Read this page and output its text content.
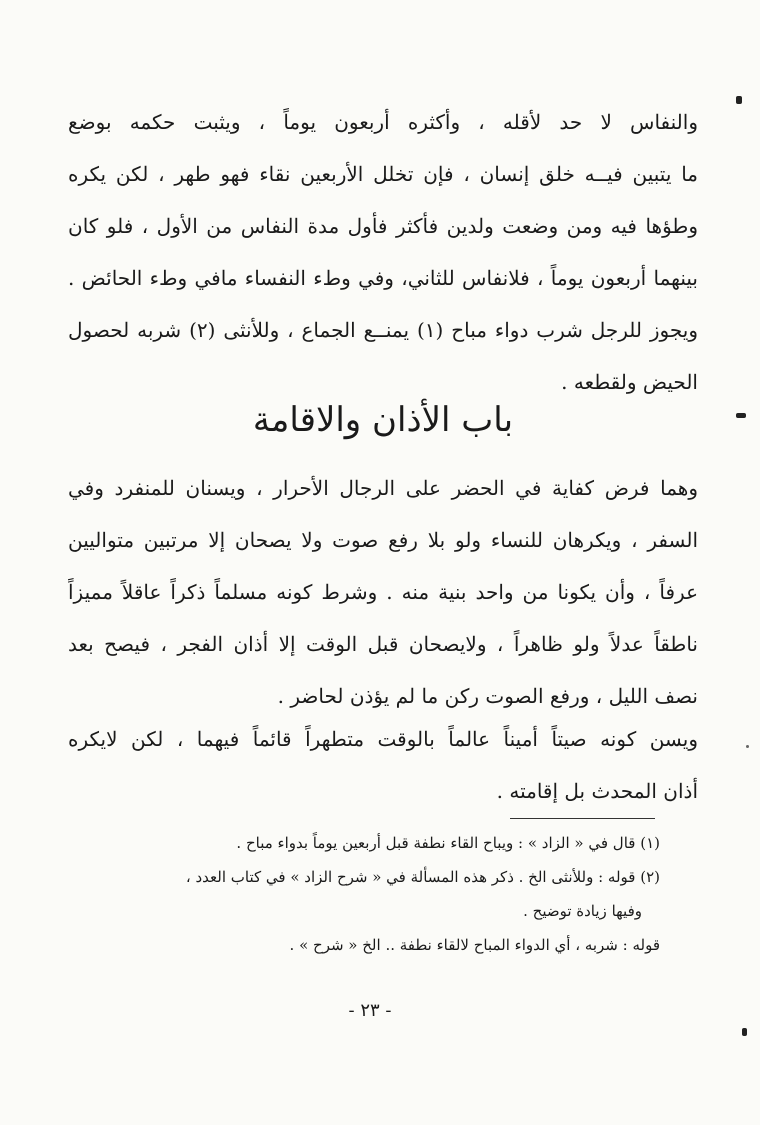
والنفاس لا حد لأقله ، وأكثره أربعون يوماً ، ويثبت حكمه بوضع
ما يتبين فيــه خلق إنسان ، فإن تخلل الأربعين نقاء فهو طهر ، لكن يكره
وطؤها فيه ومن وضعت ولدين فأكثر فأول مدة النفاس من الأول ، فلو كان
بينهما أربعون يوماً ، فلانفاس للثاني، وفي وطء النفساء مافي وطء الحائض .
ويجوز للرجل شرب دواء مباح (١) يمنــع الجماع ، وللأنثى (٢) شربه لحصول
الحيض ولقطعه .
باب الأذان والاقامة
وهما فرض كفاية في الحضر على الرجال الأحرار ، ويسنان للمنفرد وفي
السفر ، ويكرهان للنساء ولو بلا رفع صوت ولا يصحان إلا مرتبين متواليين
عرفاً ، وأن يكونا من واحد بنية منه . وشرط كونه مسلماً ذكراً عاقلاً مميزاً
ناطقاً عدلاً ولو ظاهراً ، ولايصحان قبل الوقت إلا أذان الفجر ، فيصح بعد
نصف الليل ، ورفع الصوت ركن ما لم يؤذن لحاضر .
ويسن كونه صيتاً أميناً عالماً بالوقت متطهراً قائماً فيهما ، لكن لايكره
أذان المحدث بل إقامته .
(١) قال في « الزاد » : ويباح القاء نطفة قبل أربعين يوماً بدواء مباح .
(٢) قوله : وللأنثى الخ . ذكر هذه المسألة في « شرح الزاد » في كتاب العدد ،
وفيها زيادة توضيح .
قوله : شربه ، أي الدواء المباح لالقاء نطفة .. الخ « شرح » .
- ٢٣ -
